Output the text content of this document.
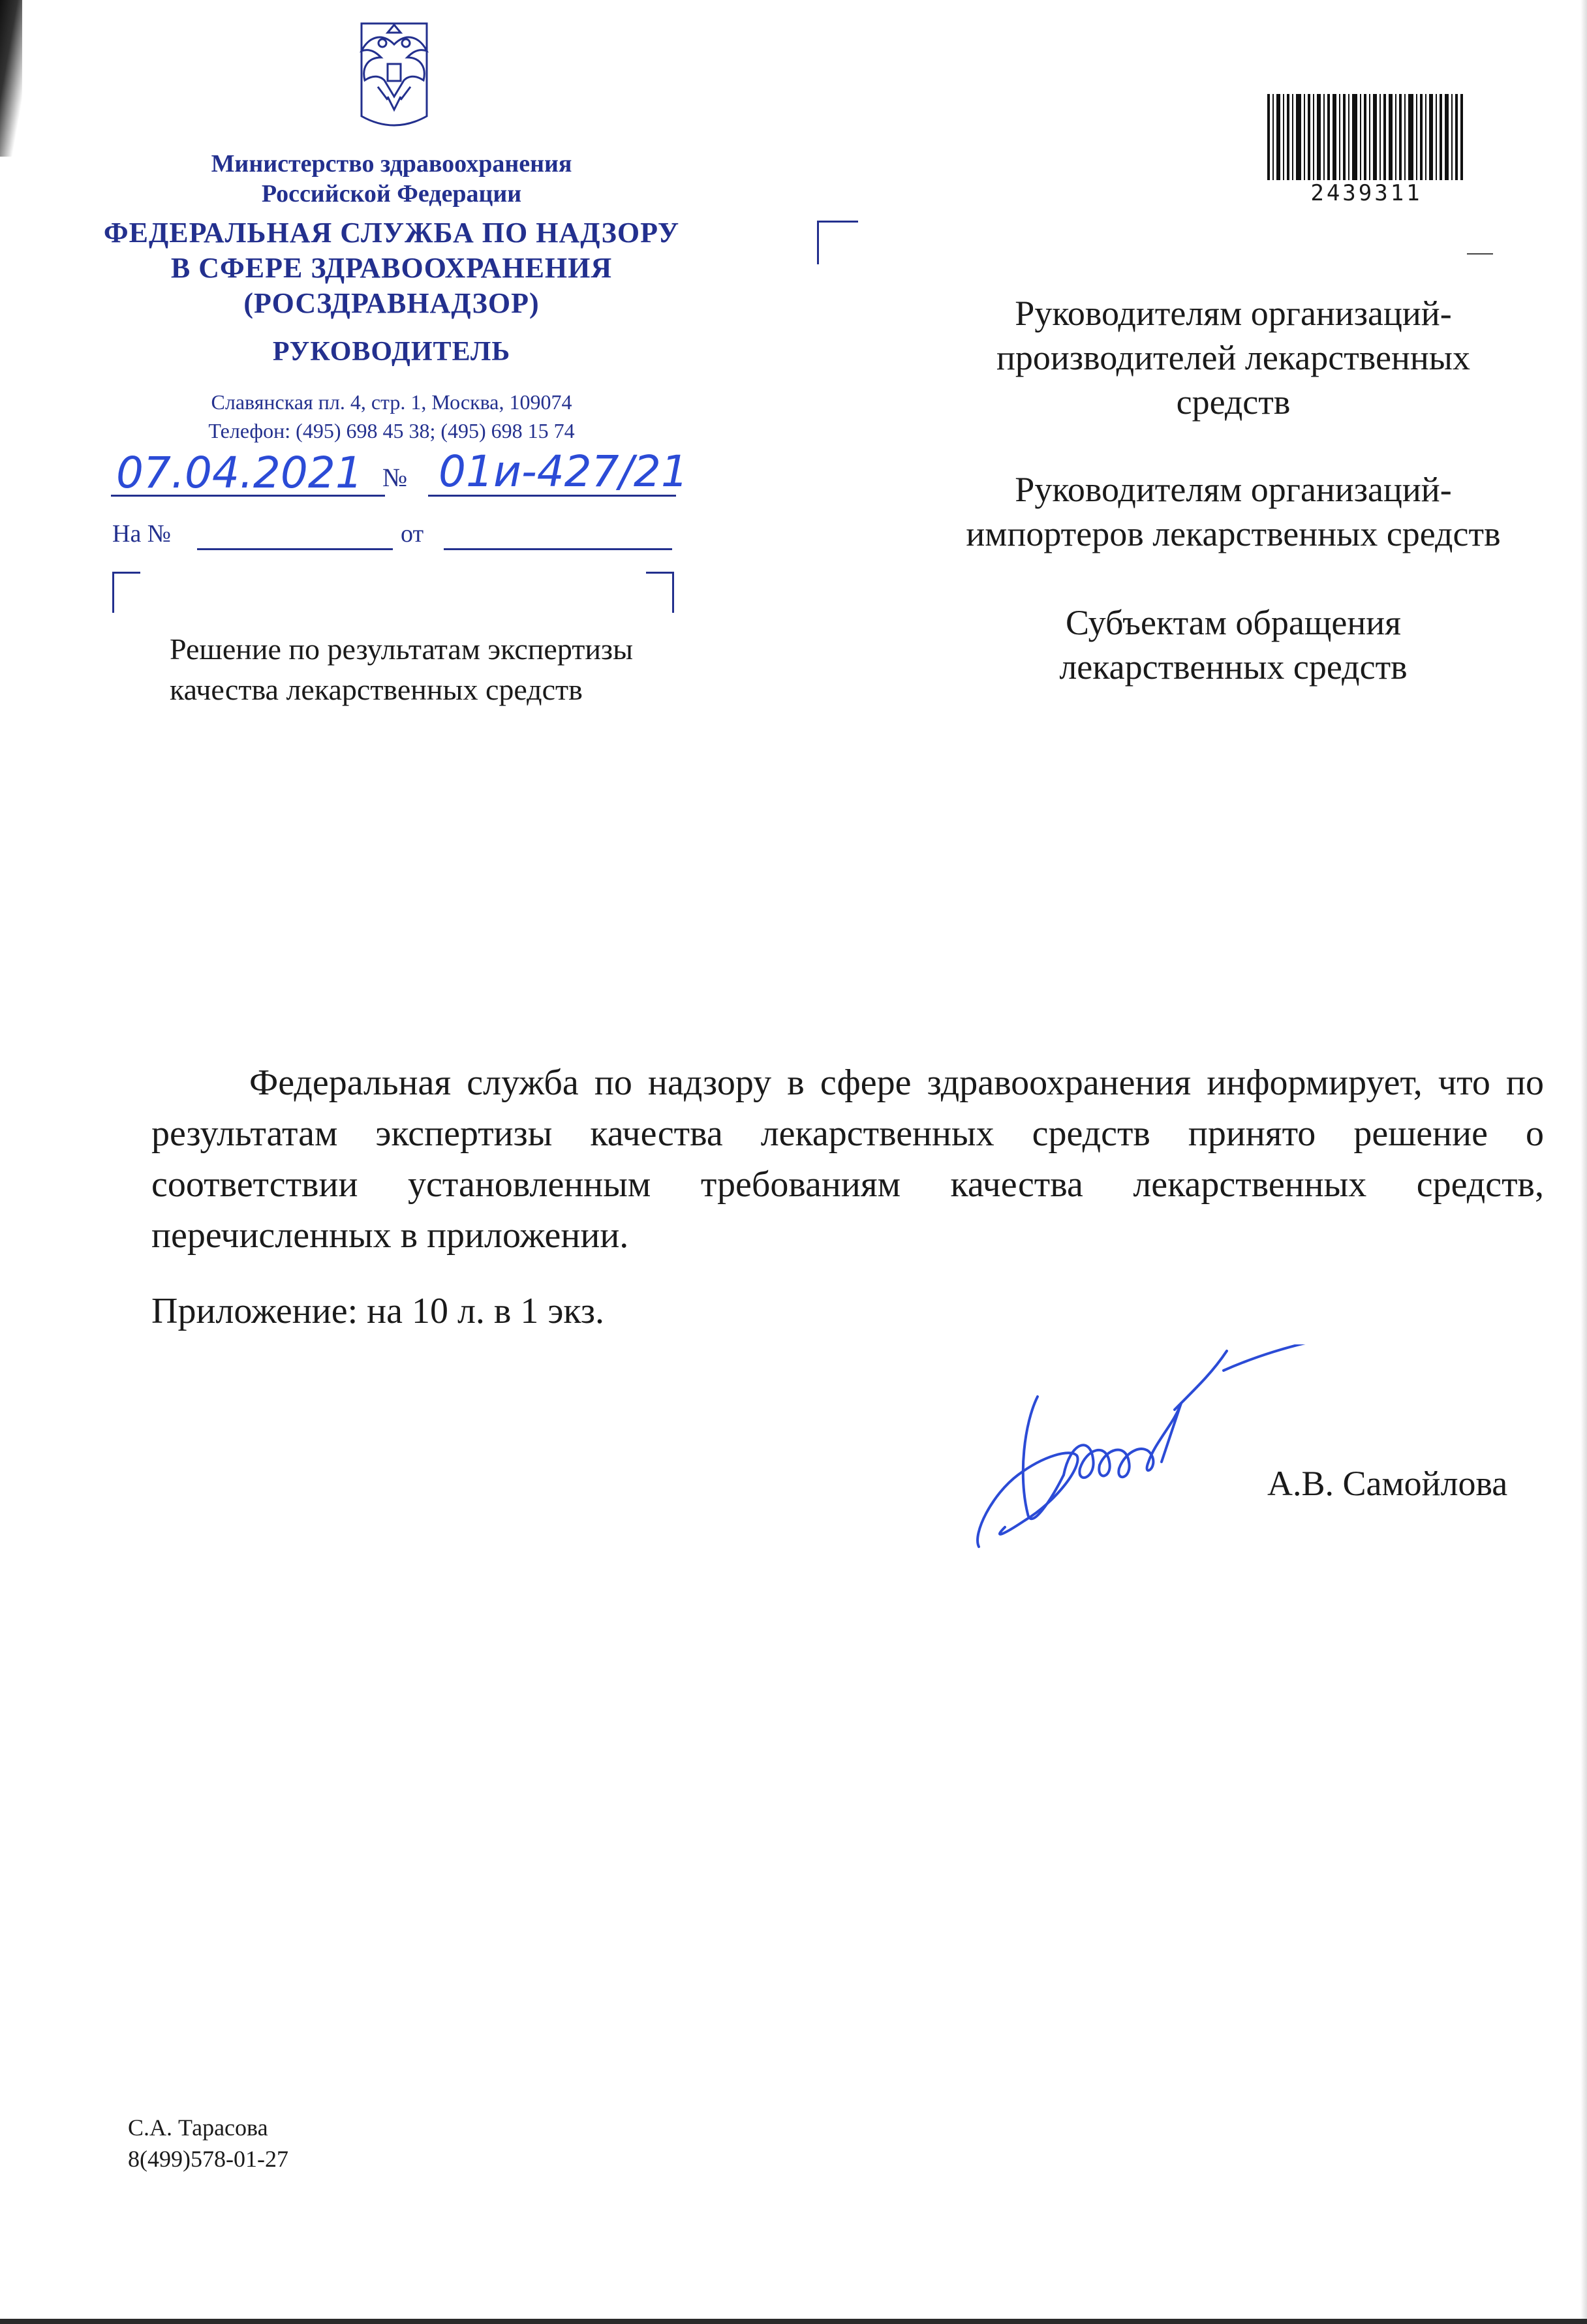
Министерство здравоохранения
Российской Федерации
ФЕДЕРАЛЬНАЯ СЛУЖБА ПО НАДЗОРУ
В СФЕРЕ ЗДРАВООХРАНЕНИЯ
(РОСЗДРАВНАДЗОР)
РУКОВОДИТЕЛЬ
Славянская пл. 4, стр. 1, Москва, 109074
Телефон: (495) 698 45 38; (495) 698 15 74
07.04.2021 № 01и-427/21
На №	от
2439311

Руководителям организаций-

производителей лекарственных

средств

Руководителям организаций-

импортеров лекарственных средств

Субъектам обращения

лекарственных средств

Решение по результатам экспертизы
качества лекарственных средств

Федеральная служба по надзору в сфере здравоохранения информирует, что по результатам экспертизы качества лекарственных средств принято решение о соответствии установленным требованиям качества лекарственных средств, перечисленных в приложении.

Приложение: на 10 л. в 1 экз.
А.В. Самойлова
С.А. Тарасова
8(499)578-01-27
